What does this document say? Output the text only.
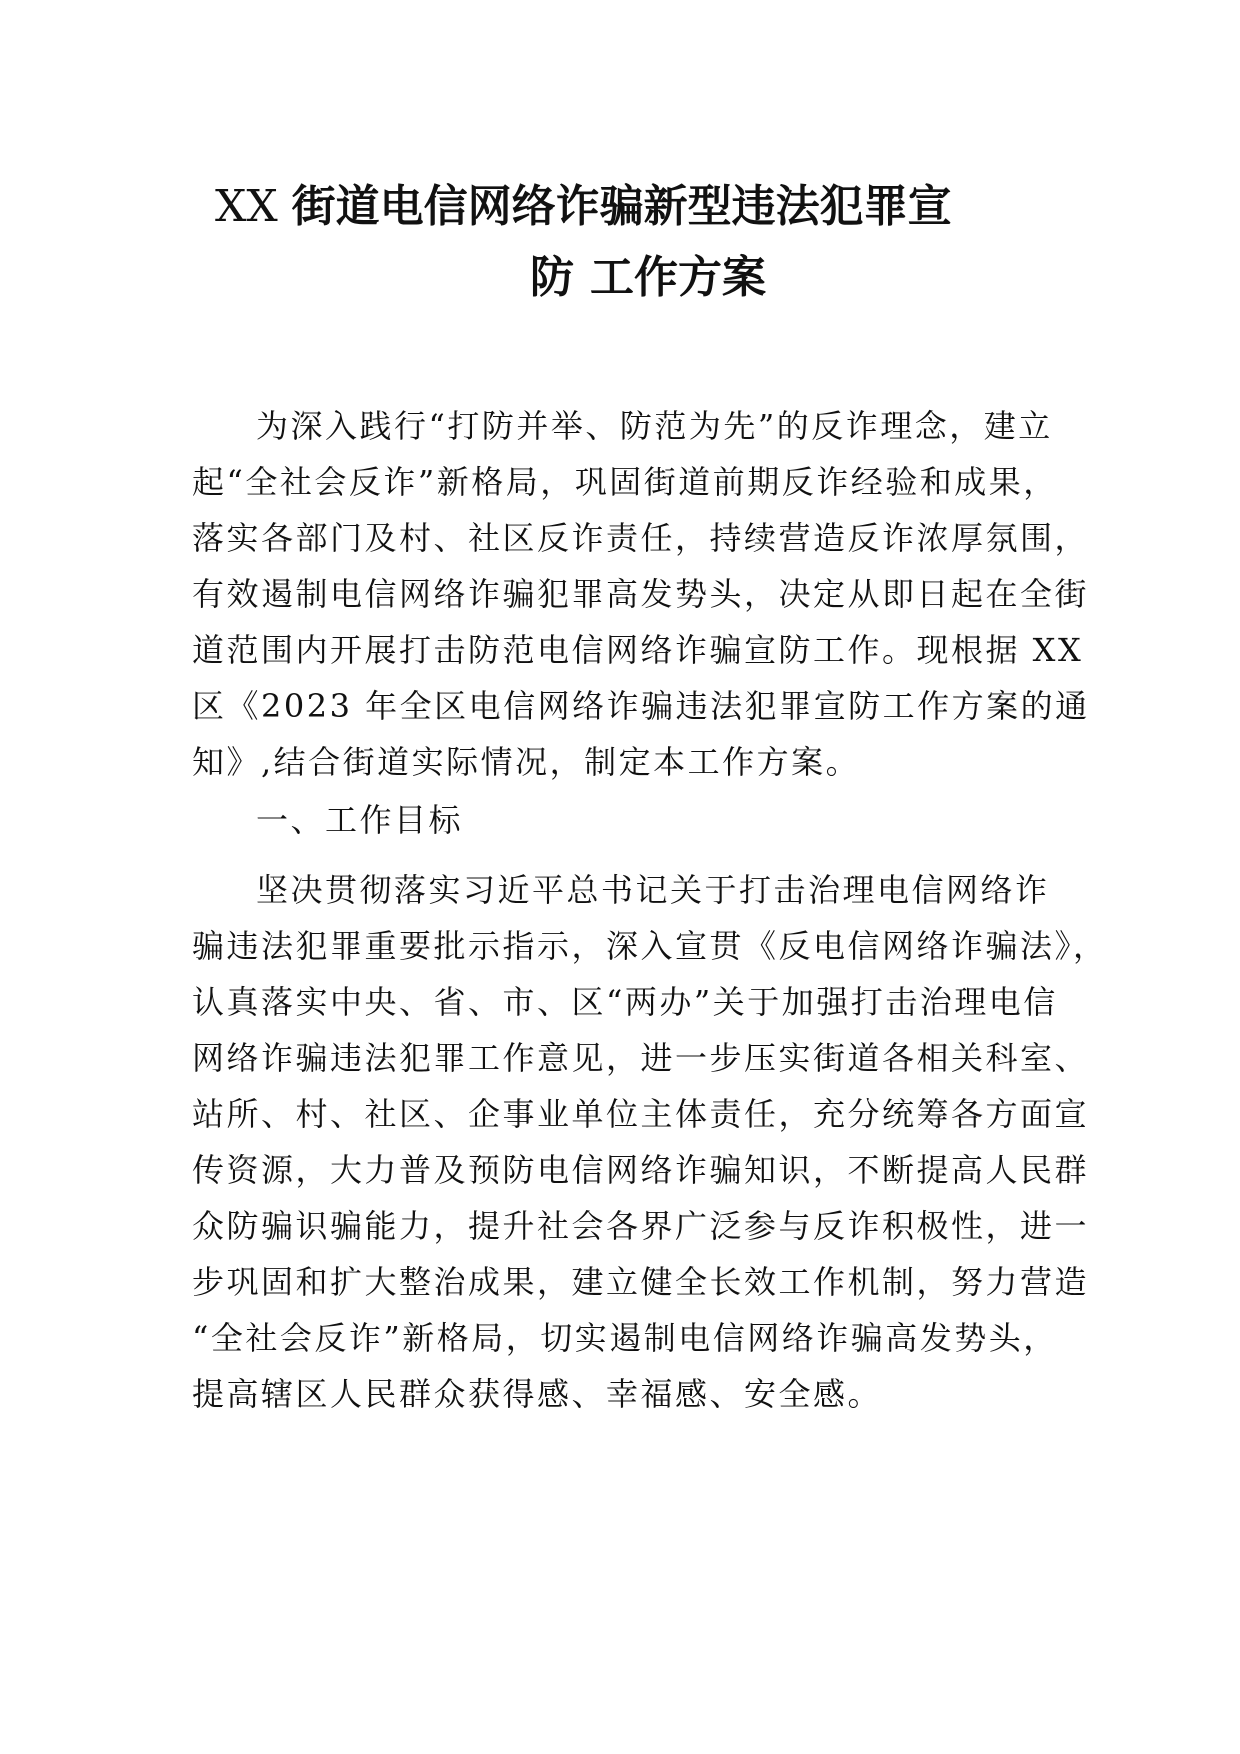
XX 街道电信网络诈骗新型违法犯罪宣
防 工作方案
为深入践行“打防并举、防范为先”的反诈理念，建立
起“全社会反诈”新格局，巩固街道前期反诈经验和成果，
落实各部门及村、社区反诈责任，持续营造反诈浓厚氛围，
有效遏制电信网络诈骗犯罪高发势头，决定从即日起在全街
道范围内开展打击防范电信网络诈骗宣防工作。现根据 XX
区《2023 年全区电信网络诈骗违法犯罪宣防工作方案的通
知》,结合街道实际情况，制定本工作方案。
一、工作目标
坚决贯彻落实习近平总书记关于打击治理电信网络诈
骗违法犯罪重要批示指示，深入宣贯《反电信网络诈骗法》，
认真落实中央、省、市、区“两办”关于加强打击治理电信
网络诈骗违法犯罪工作意见，进一步压实街道各相关科室、
站所、村、社区、企事业单位主体责任，充分统筹各方面宣
传资源，大力普及预防电信网络诈骗知识，不断提高人民群
众防骗识骗能力，提升社会各界广泛参与反诈积极性，进一
步巩固和扩大整治成果，建立健全长效工作机制，努力营造
“全社会反诈”新格局，切实遏制电信网络诈骗高发势头，
提高辖区人民群众获得感、幸福感、安全感。
